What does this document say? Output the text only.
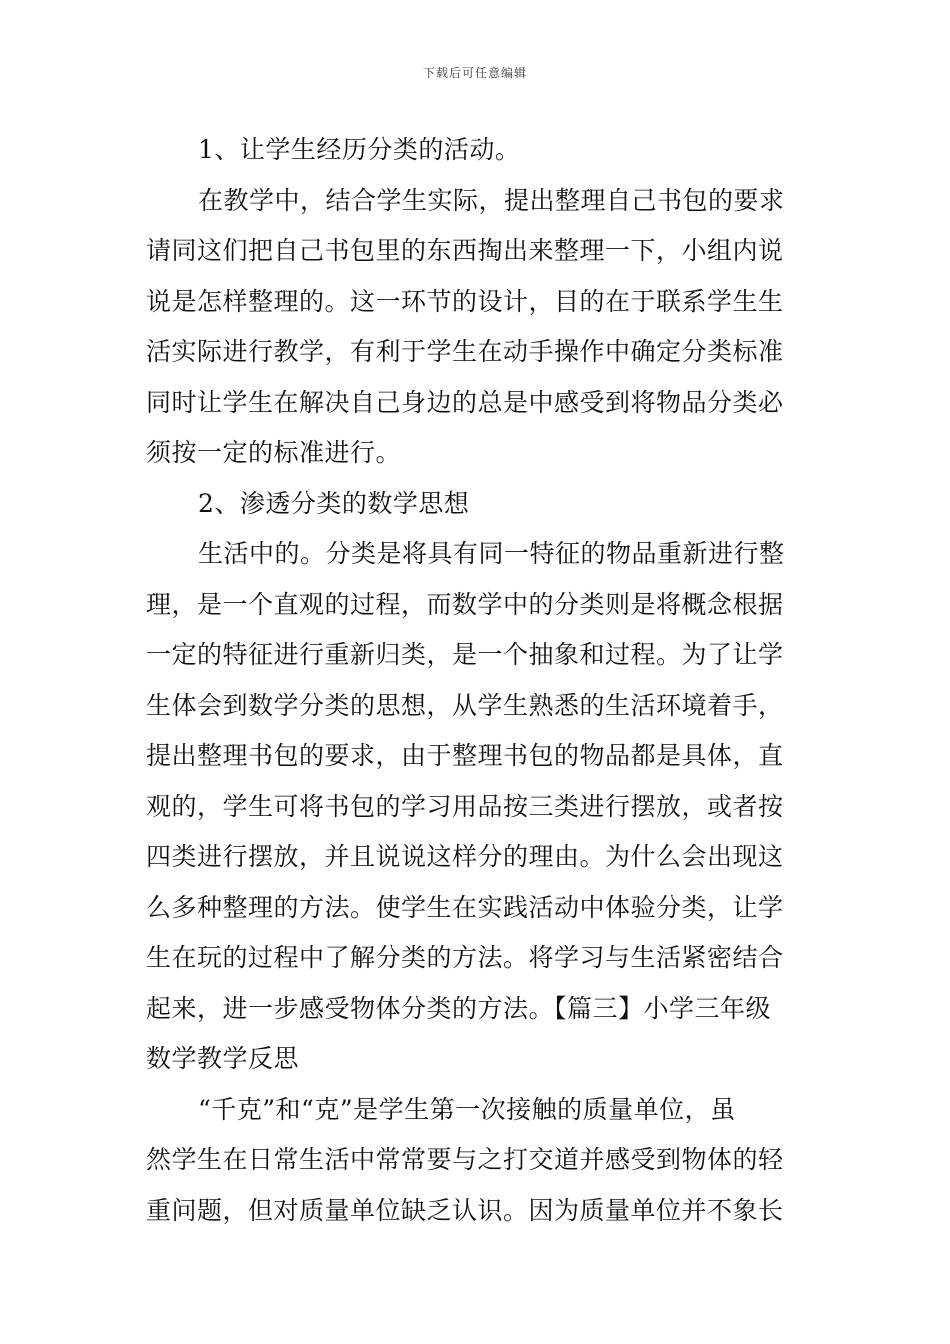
下载后可任意编辑
1、让学生经历分类的活动。
在教学中，结合学生实际，提出整理自己书包的要求
请同这们把自己书包里的东西掏出来整理一下，小组内说
说是怎样整理的。这一环节的设计，目的在于联系学生生
活实际进行教学，有利于学生在动手操作中确定分类标准
同时让学生在解决自己身边的总是中感受到将物品分类必
须按一定的标准进行。
2、渗透分类的数学思想
生活中的。分类是将具有同一特征的物品重新进行整
理，是一个直观的过程，而数学中的分类则是将概念根据
一定的特征进行重新归类，是一个抽象和过程。为了让学
生体会到数学分类的思想，从学生熟悉的生活环境着手，
提出整理书包的要求，由于整理书包的物品都是具体，直
观的，学生可将书包的学习用品按三类进行摆放，或者按
四类进行摆放，并且说说这样分的理由。为什么会出现这
么多种整理的方法。使学生在实践活动中体验分类，让学
生在玩的过程中了解分类的方法。将学习与生活紧密结合
起来，进一步感受物体分类的方法。【篇三】小学三年级
数学教学反思
“千克”和“克”是学生第一次接触的质量单位，虽
然学生在日常生活中常常要与之打交道并感受到物体的轻
重问题，但对质量单位缺乏认识。因为质量单位并不象长
